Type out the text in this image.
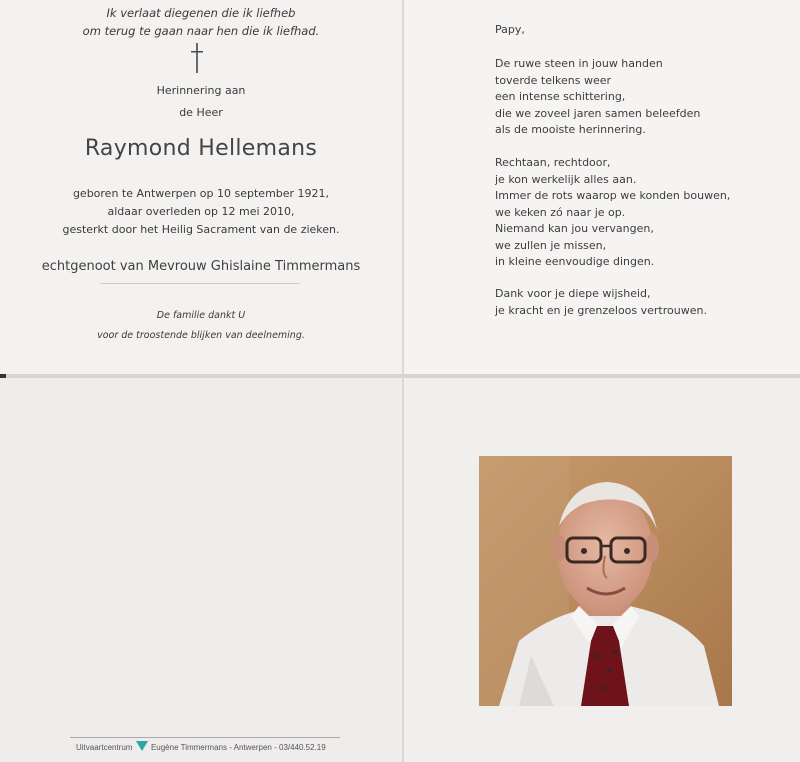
Ik verlaat diegenen die ik liefheb
om terug te gaan naar hen die ik liefhad.
Herinnering aan
de Heer
Raymond Hellemans
geboren te Antwerpen op 10 september 1921,
aldaar overleden op 12 mei 2010,
gesterkt door het Heilig Sacrament van de zieken.
echtgenoot van Mevrouw Ghislaine Timmermans
De familie dankt U
voor de troostende blijken van deelneming.
Papy,
De ruwe steen in jouw handen
toverde telkens weer
een intense schittering,
die we zoveel jaren samen beleefden
als de mooiste herinnering.
Rechtaan, rechtdoor,
je kon werkelijk alles aan.
Immer de rots waarop we konden bouwen,
we keken zó naar je op.
Niemand kan jou vervangen,
we zullen je missen,
in kleine eenvoudige dingen.
Dank voor je diepe wijsheid,
je kracht en je grenzeloos vertrouwen.
Uitvaartcentrum Eugène Timmermans - Antwerpen - 03/440.52.19
